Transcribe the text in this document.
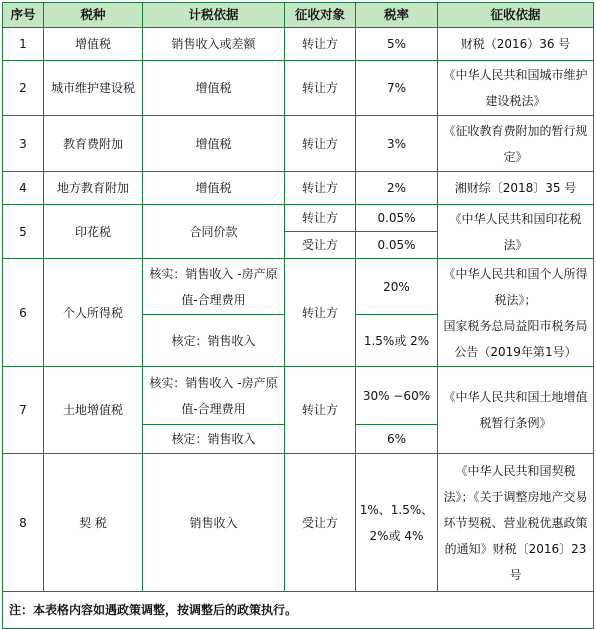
序号	税种	计税依据	征收对象	税率	征收依据
1	增值税	销售收入或差额	转让方	5%	财税（2016）36 号
2	城市维护建设税	增值税	转让方	7%	《中华人民共和国城市维护建设税法》
3	教育费附加	增值税	转让方	3%	《征收教育费附加的暂行规定》
4	地方教育附加	增值税	转让方	2%	湘财综〔2018〕35 号
5	印花税	合同价款	转让方	0.05%	《中华人民共和国印花税法》
			受让方	0.05%	
6	个人所得税	核实：销售收入 -房产原值-合理费用	转让方	20%	《中华人民共和国个人所得税法》；
国家税务总局益阳市税务局公告（2019年第1号）

		核定：销售收入		1.5%或 2%	
7	土地增值税	核实：销售收入 -房产原值-合理费用	转让方	30% −60%	《中华人民共和国土地增值税暂行条例》
		核定：销售收入		6%	
8	契 税	销售收入	受让方	1%、1.5%、2%或 4%	《中华人民共和国契税法》；《关于调整房地产交易环节契税、营业税优惠政策的通知》财税〔2016〕23 号
注：本表格内容如遇政策调整，按调整后的政策执行。					
